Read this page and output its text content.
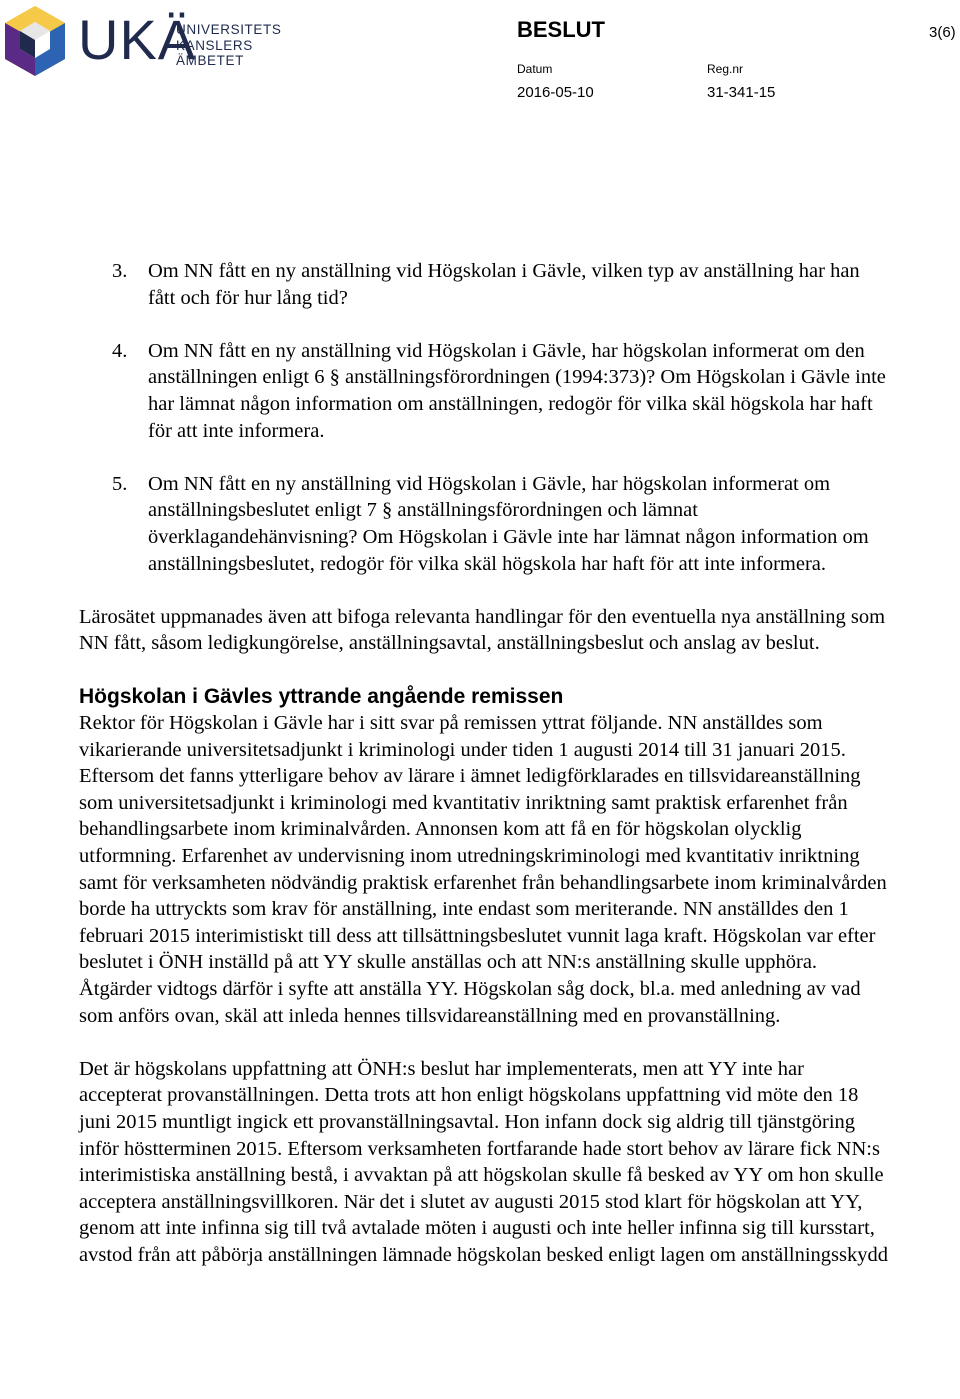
UKÄ
UNIVERSITETS
KANSLERS
ÄMBETET
BESLUT	3(6)
Datum
2016-05-10
Reg.nr
31-341-15
3. Om NN fått en ny anställning vid Högskolan i Gävle, vilken typ av anställning har han fått och för hur lång tid?
4. Om NN fått en ny anställning vid Högskolan i Gävle, har högskolan informerat om den anställningen enligt 6 § anställningsförordningen (1994:373)? Om Högskolan i Gävle inte har lämnat någon information om anställningen, redogör för vilka skäl högskola har haft för att inte informera.
5. Om NN fått en ny anställning vid Högskolan i Gävle, har högskolan informerat om anställningsbeslutet enligt 7 § anställningsförordningen och lämnat överklagandehänvisning? Om Högskolan i Gävle inte har lämnat någon information om anställningsbeslutet, redogör för vilka skäl högskola har haft för att inte informera.

Lärosätet uppmanades även att bifoga relevanta handlingar för den eventuella nya anställning som NN fått, såsom ledigkungörelse, anställningsavtal, anställningsbeslut och anslag av beslut.

Högskolan i Gävles yttrande angående remissen

Rektor för Högskolan i Gävle har i sitt svar på remissen yttrat följande. NN anställdes som vikarierande universitetsadjunkt i kriminologi under tiden 1 augusti 2014 till 31 januari 2015. Eftersom det fanns ytterligare behov av lärare i ämnet ledigförklarades en tillsvidareanställning som universitetsadjunkt i kriminologi med kvantitativ inriktning samt praktisk erfarenhet från behandlingsarbete inom kriminalvården. Annonsen kom att få en för högskolan olycklig utformning. Erfarenhet av undervisning inom utredningskriminologi med kvantitativ inriktning samt för verksamheten nödvändig praktisk erfarenhet från behandlingsarbete inom kriminalvården borde ha uttryckts som krav för anställning, inte endast som meriterande. NN anställdes den 1 februari 2015 interimistiskt till dess att tillsättningsbeslutet vunnit laga kraft. Högskolan var efter beslutet i ÖNH inställd på att YY skulle anställas och att NN:s anställning skulle upphöra. Åtgärder vidtogs därför i syfte att anställa YY. Högskolan såg dock, bl.a. med anledning av vad som anförs ovan, skäl att inleda hennes tillsvidareanställning med en provanställning.

Det är högskolans uppfattning att ÖNH:s beslut har implementerats, men att YY inte har accepterat provanställningen. Detta trots att hon enligt högskolans uppfattning vid möte den 18 juni 2015 muntligt ingick ett provanställningsavtal. Hon infann dock sig aldrig till tjänstgöring inför höstterminen 2015. Eftersom verksamheten fortfarande hade stort behov av lärare fick NN:s interimistiska anställning bestå, i avvaktan på att högskolan skulle få besked av YY om hon skulle acceptera anställningsvillkoren. När det i slutet av augusti 2015 stod klart för högskolan att YY, genom att inte infinna sig till två avtalade möten i augusti och inte heller infinna sig till kursstart, avstod från att påbörja anställningen lämnade högskolan besked enligt lagen om anställningsskydd
